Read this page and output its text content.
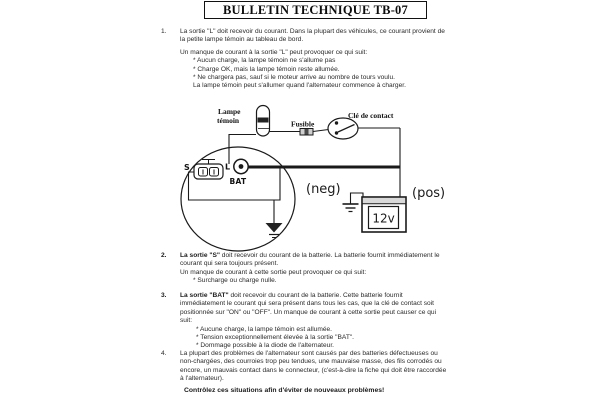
BULLETIN TECHNIQUE TB-07
1.	La sortie "L" doit recevoir du courant. Dans la plupart des véhicules, ce courant provient de la petite lampe témoin au tableau de bord.
Un manque de courant à la sortie "L" peut provoquer ce qui suit:
* Aucun charge, la lampe témoin ne s'allume pas
* Charge OK, mais la lampe témoin reste allumée.
* Ne chargera pas, sauf si le moteur arrive au nombre de tours voulu.
La lampe témoin peut s'allumer quand l'alternateur commence à charger.
12v
Lampe
témoin	Fusible
Clé de contact
S	L
BAT
(neg)	(pos)
2.	La sortie "S" doit recevoir du courant de la batterie. La batterie fournit immédiatement le courant qui sera toujours présent.
Un manque de courant à cette sortie peut provoquer ce qui suit:
* Surcharge ou charge nulle.
3.	La sortie "BAT" doit recevoir du courant de la batterie. Cette batterie fournit immédiatement le courant qui sera présent dans tous les cas, que la clé de contact soit positionnée sur "ON" ou "OFF". Un manque de courant à cette sortie peut causer ce qui suit:
* Aucune charge, la lampe témoin est allumée.
* Tension exceptionnellement élevée à la sortie "BAT".
* Dommage possible à la diode de l'alternateur.
4.	La plupart des problèmes de l'alternateur sont causés par des batteries défectueuses ou non-chargées, des courroies trop peu tendues, une mauvaise masse, des fils corrodés ou encore, un mauvais contact dans le connecteur, (c'est-à-dire la fiche qui doit être raccordée à l'alternateur).
Contrôlez ces situations afin d'éviter de nouveaux problèmes!
